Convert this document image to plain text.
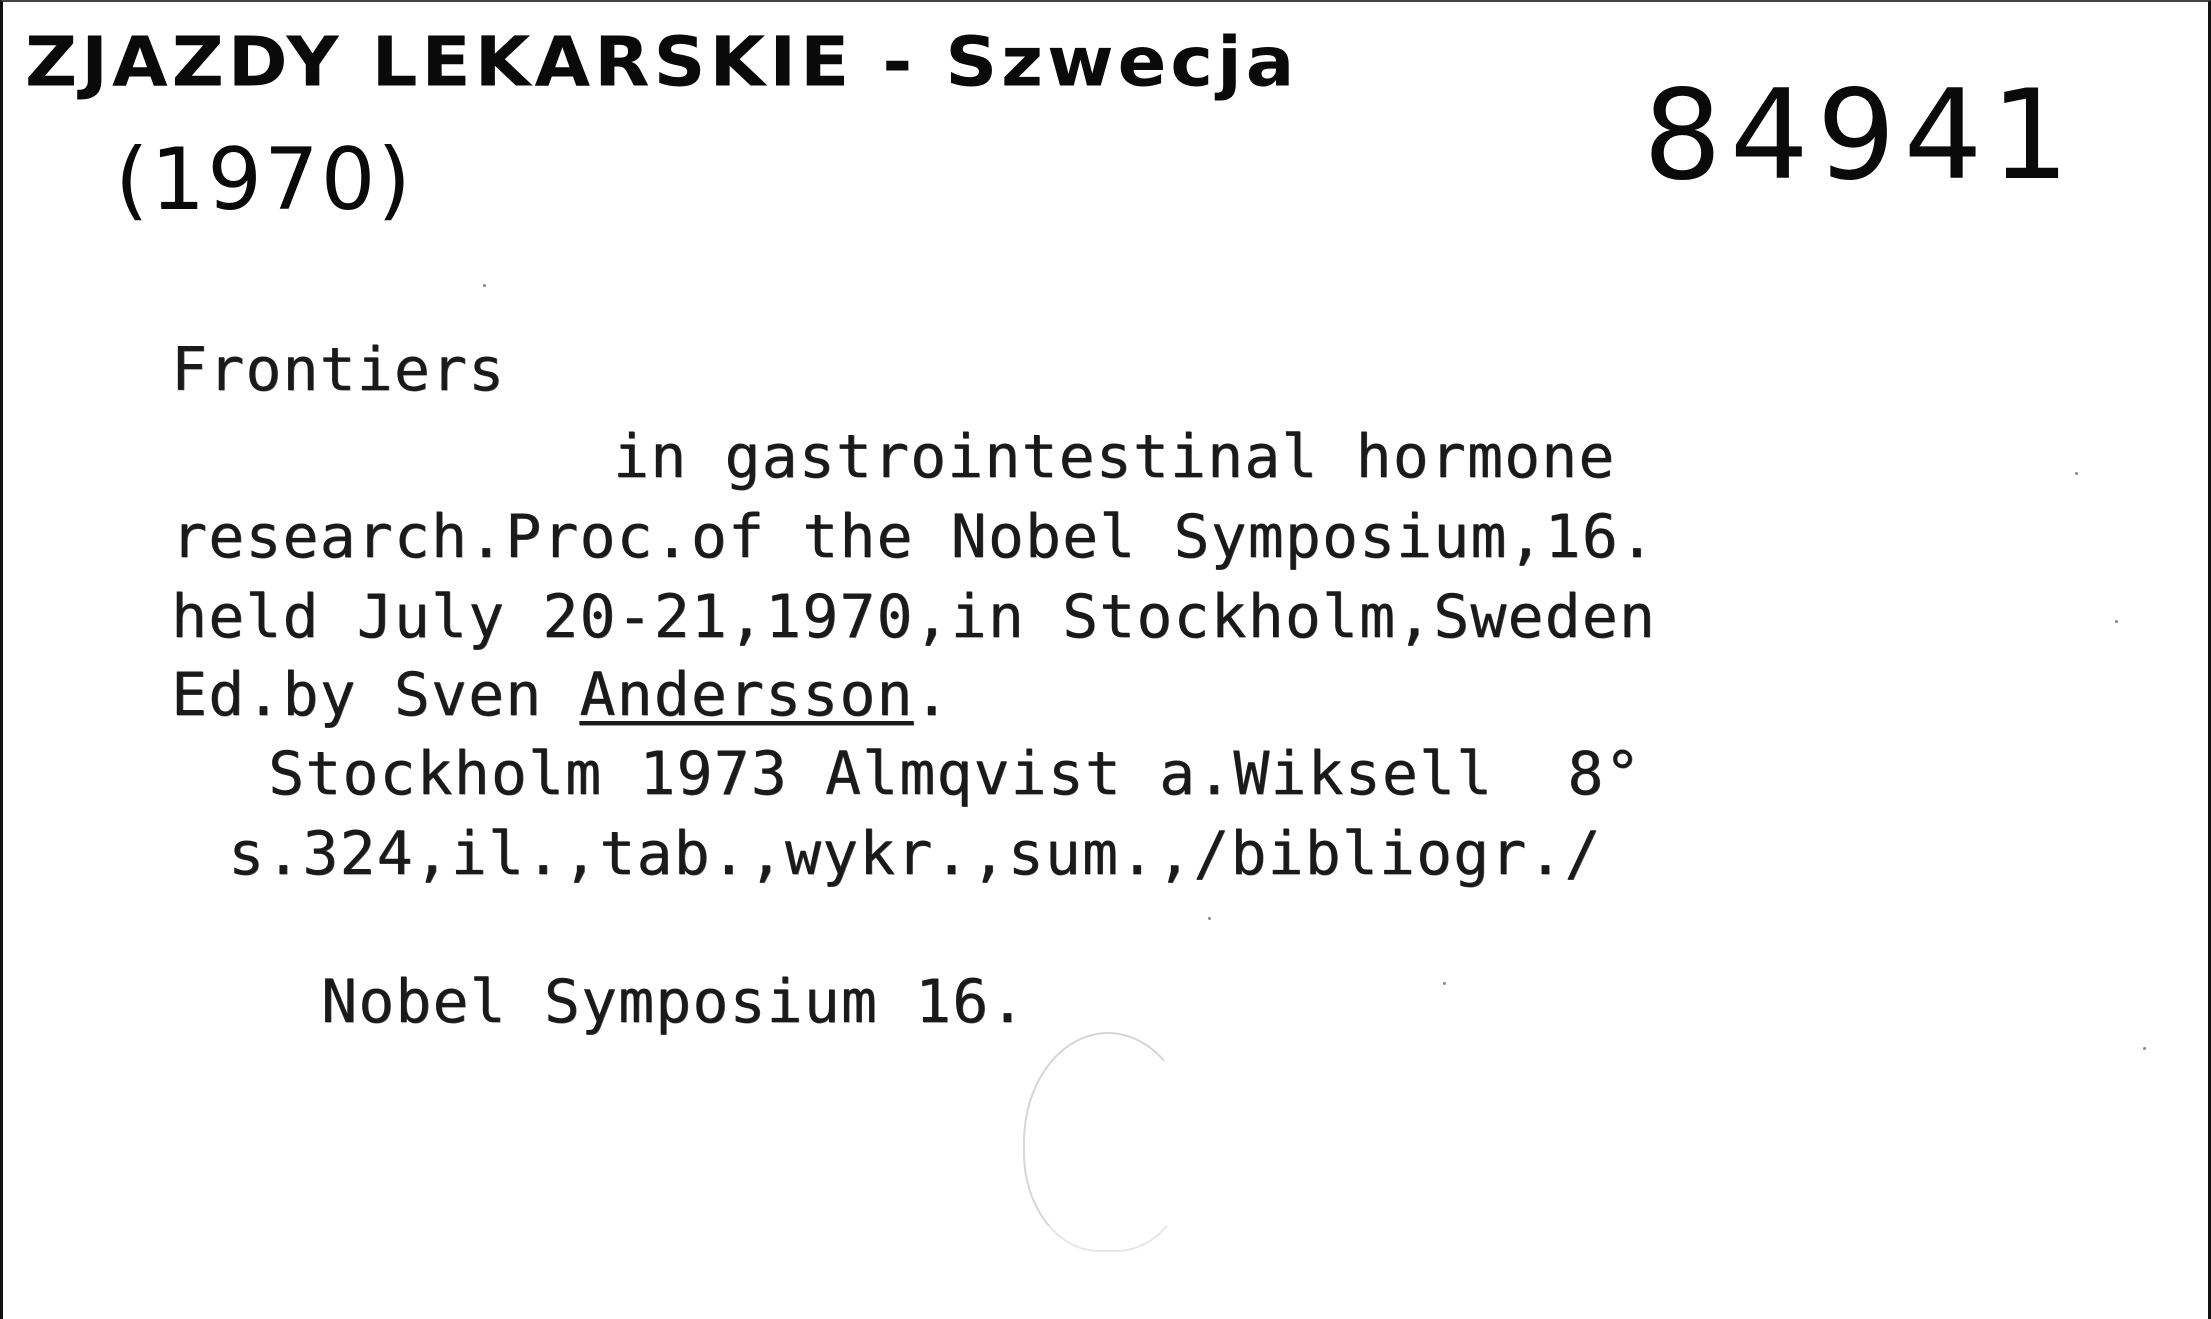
ZJAZDY LEKARSKIE - Szwecja
(1970)	84941
Frontiers
in gastrointestinal hormone
research.Proc.of the Nobel Symposium,16.
held July 20-21,1970,in Stockholm,Sweden
Ed.by Sven Andersson.
Stockholm 1973 Almqvist a.Wiksell  8°
s.324,il.,tab.,wykr.,sum.,/bibliogr./
Nobel Symposium 16.
